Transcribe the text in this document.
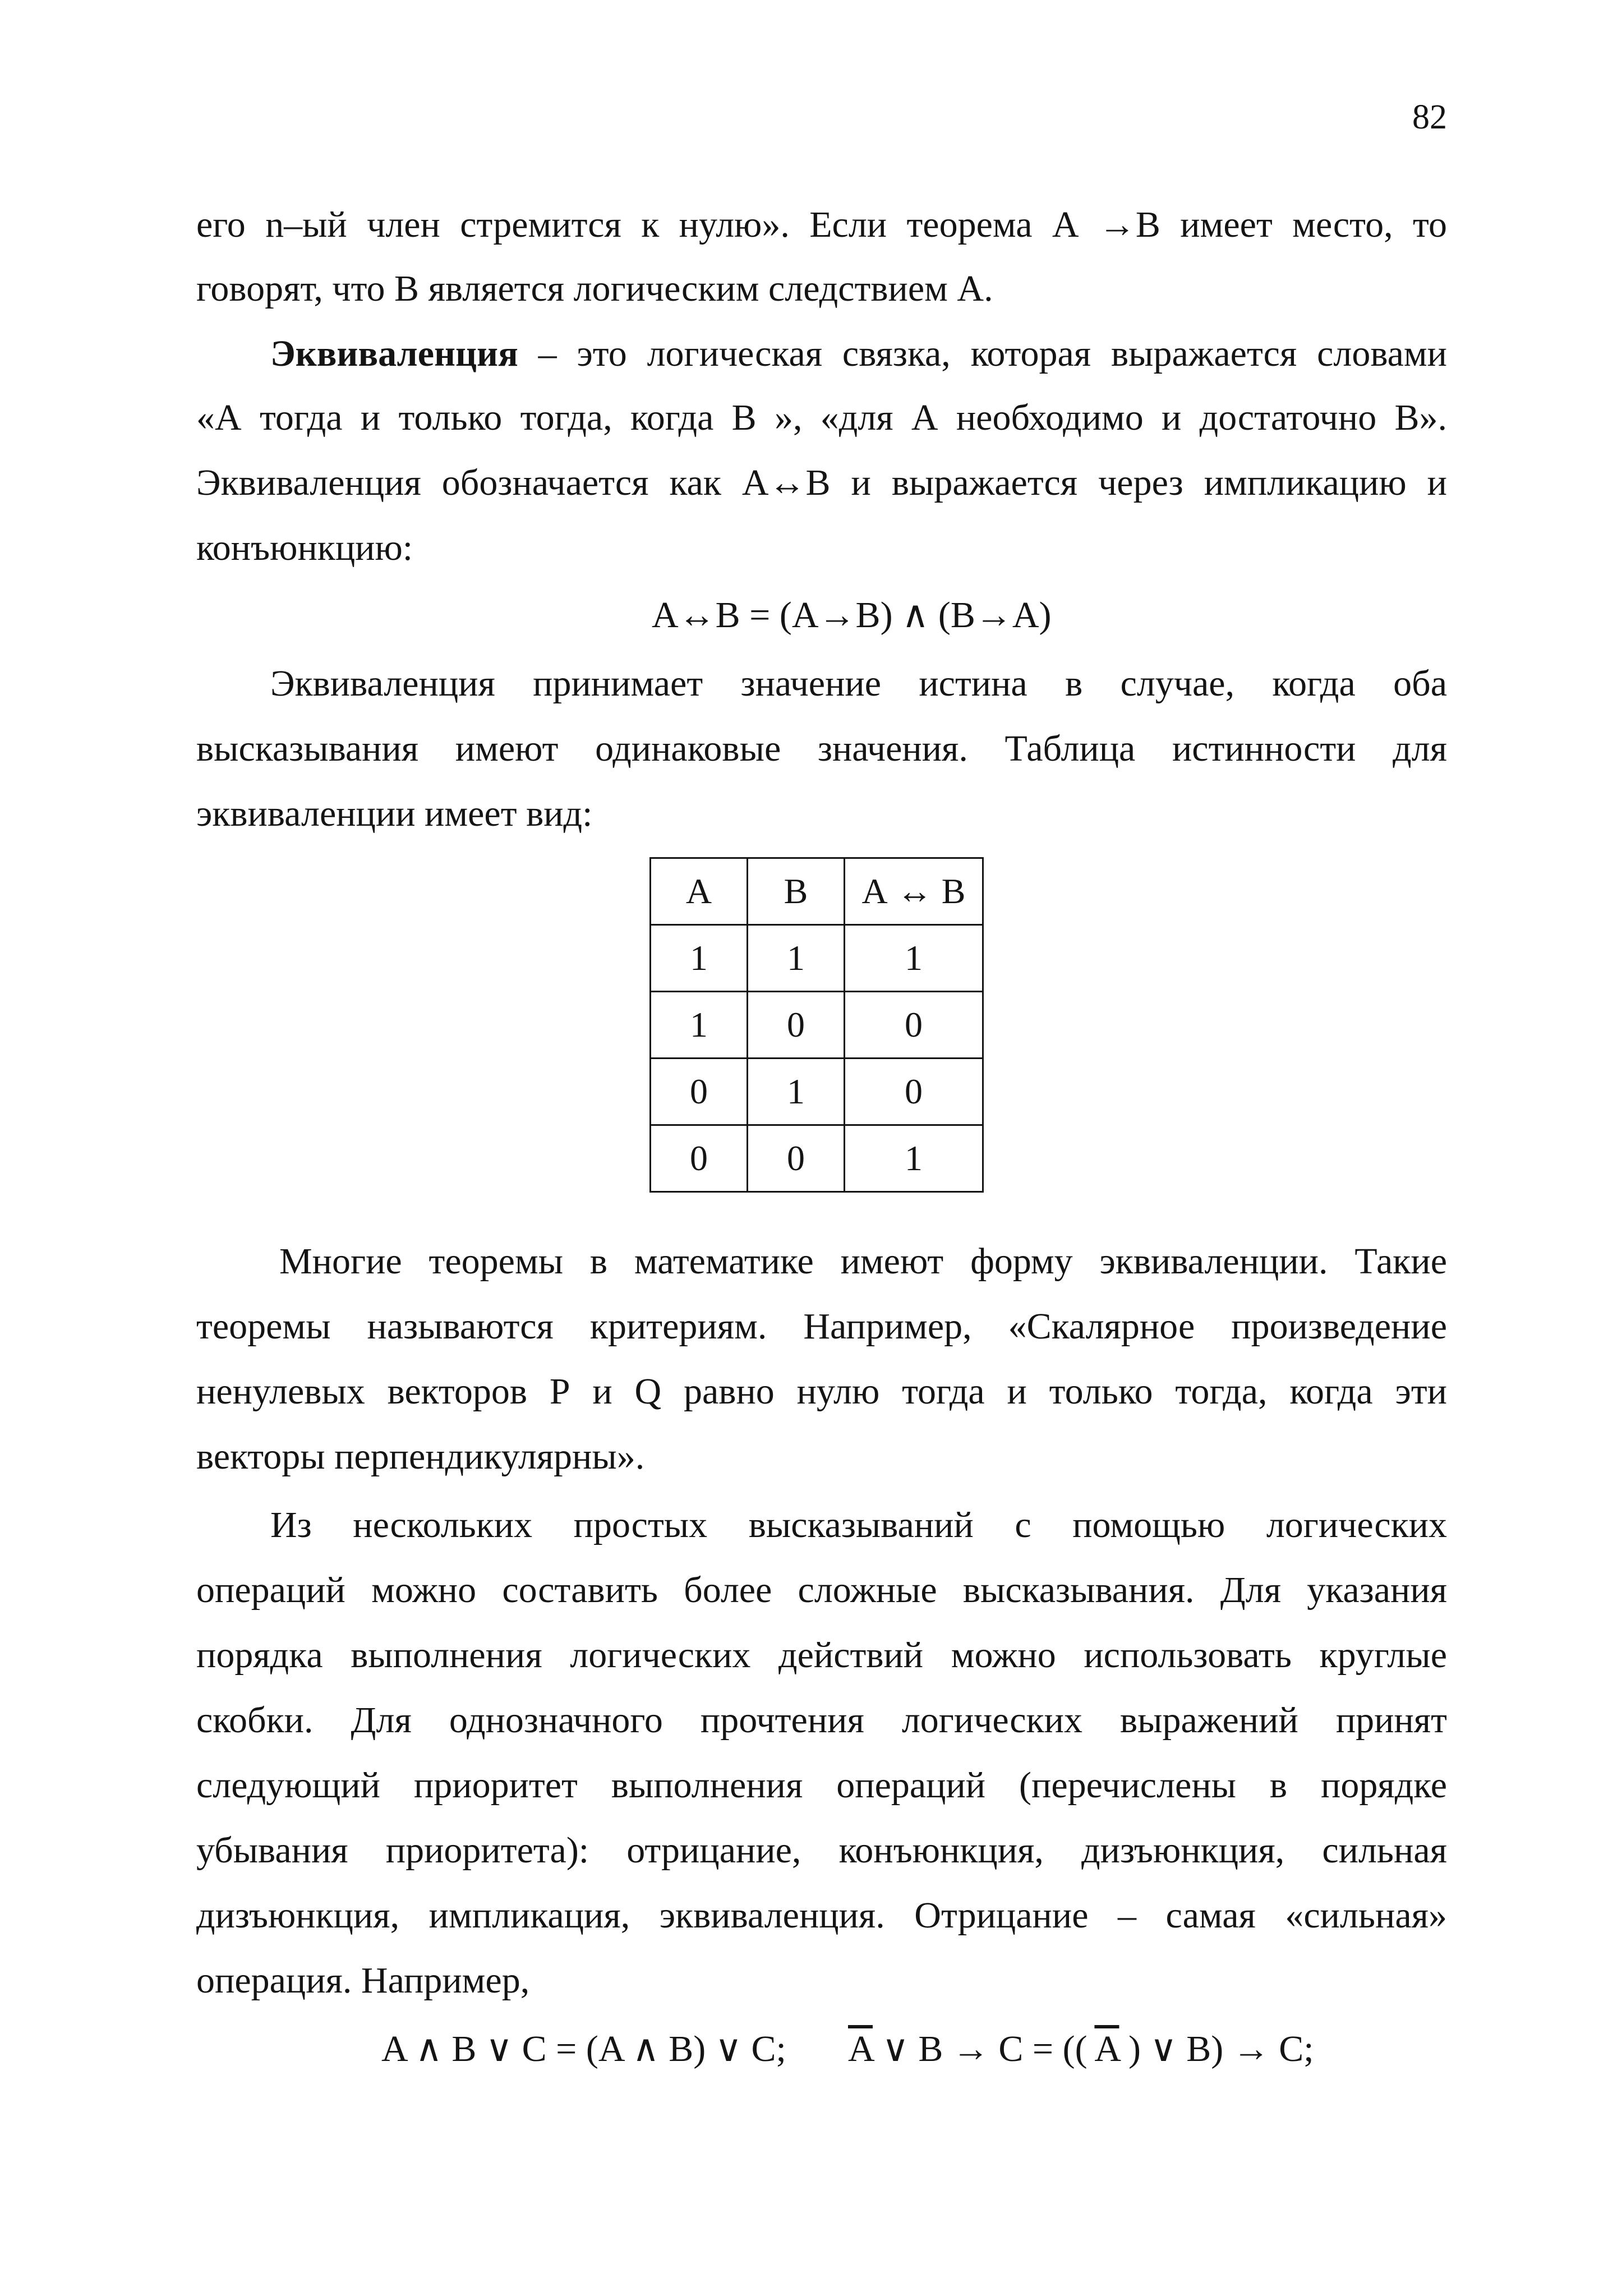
82
его n–ый член стремится к нулю». Если теорема А →В имеет место, то
говорят, что В является логическим следствием А.
Эквиваленция – это логическая связка, которая выражается словами
«А тогда и только тогда, когда В », «для А необходимо и достаточно В».
Эквиваленция обозначается как А↔В и выражается через импликацию и
конъюнкцию:
А↔В = (А→В) ∧ (В→А)
Эквиваленция принимает значение истина в случае, когда оба
высказывания имеют одинаковые значения. Таблица истинности для
эквиваленции имеет вид:
А	В	А ↔ В
1	1	1
1	0	0
0	1	0
0	0	1
Многие теоремы в математике имеют форму эквиваленции. Такие
теоремы называются критериям. Например, «Скалярное произведение
ненулевых векторов Р и Q равно нулю тогда и только тогда, когда эти
векторы перпендикулярны».
Из нескольких простых высказываний с помощью логических
операций можно составить более сложные высказывания. Для указания
порядка выполнения логических действий можно использовать круглые
скобки. Для однозначного прочтения логических выражений принят
следующий приоритет выполнения операций (перечислены в порядке
убывания приоритета): отрицание, конъюнкция, дизъюнкция, сильная
дизъюнкция, импликация, эквиваленция. Отрицание – самая «сильная»
операция. Например,
A ∧ B ∨ C = (A ∧ B) ∨ C; $\overline{A}$ ∨ B → C = (( $\overline{A}$ ) ∨ B) → C;
